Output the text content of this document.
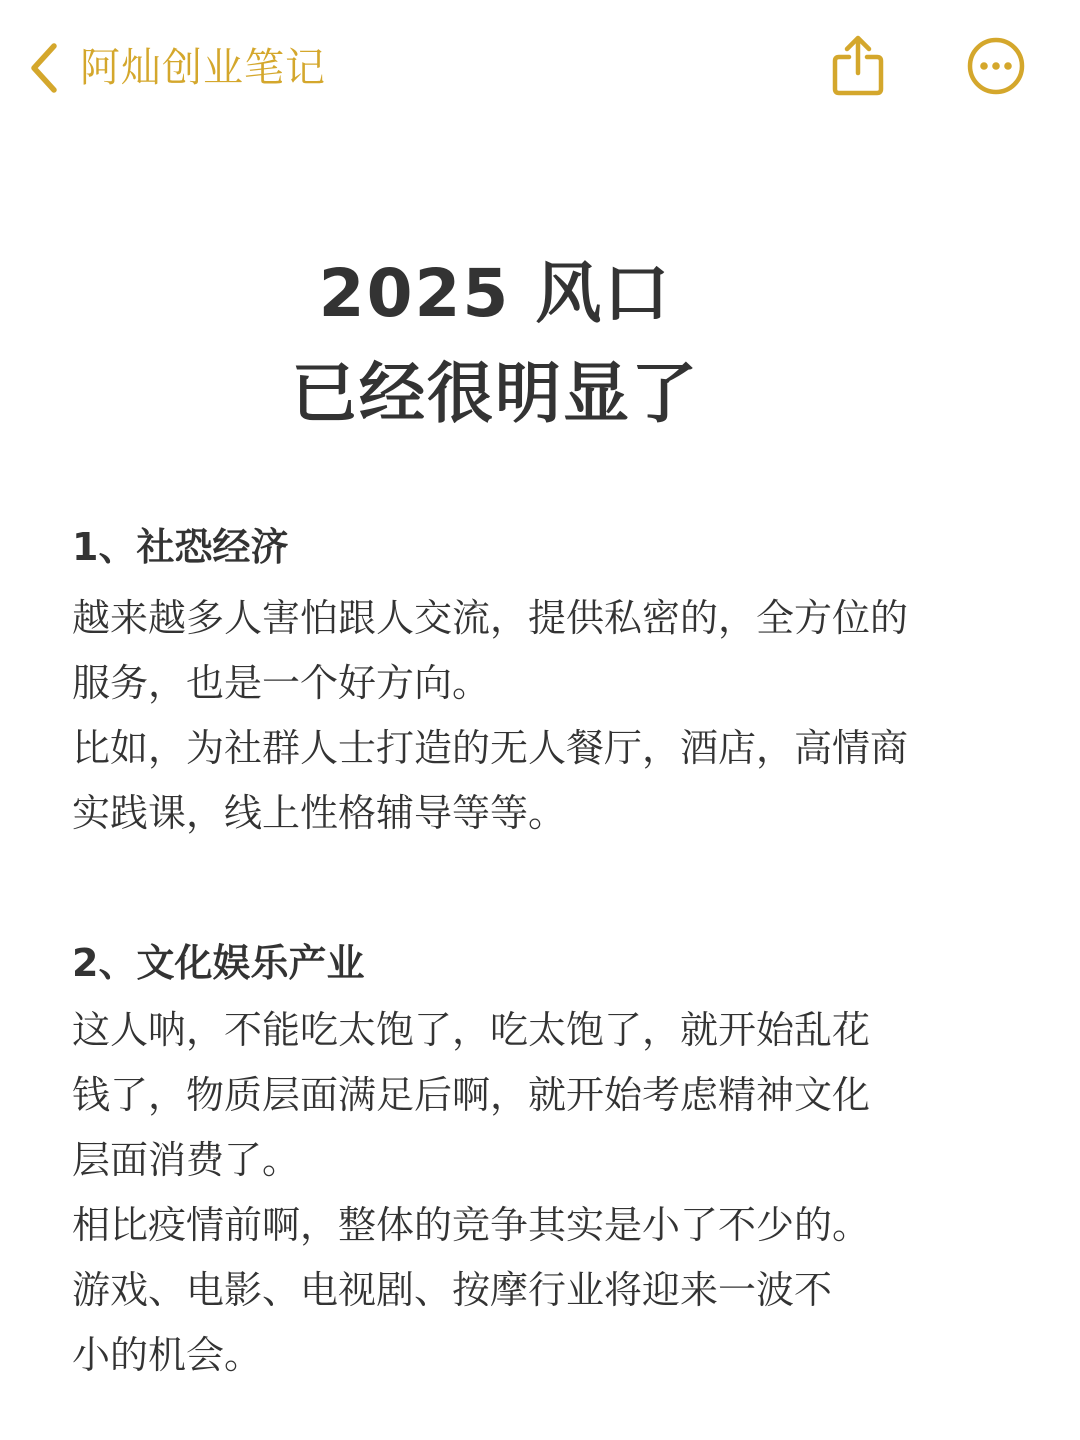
阿灿创业笔记
2025 风口
已经很明显了
1、社恐经济
越来越多人害怕跟人交流，提供私密的，全方位的
服务，也是一个好方向。
比如，为社群人士打造的无人餐厅，酒店，高情商
实践课，线上性格辅导等等。
2、文化娱乐产业
这人呐，不能吃太饱了，吃太饱了，就开始乱花
钱了，物质层面满足后啊，就开始考虑精神文化
层面消费了。
相比疫情前啊，整体的竞争其实是小了不少的。
游戏、电影、电视剧、按摩行业将迎来一波不
小的机会。
